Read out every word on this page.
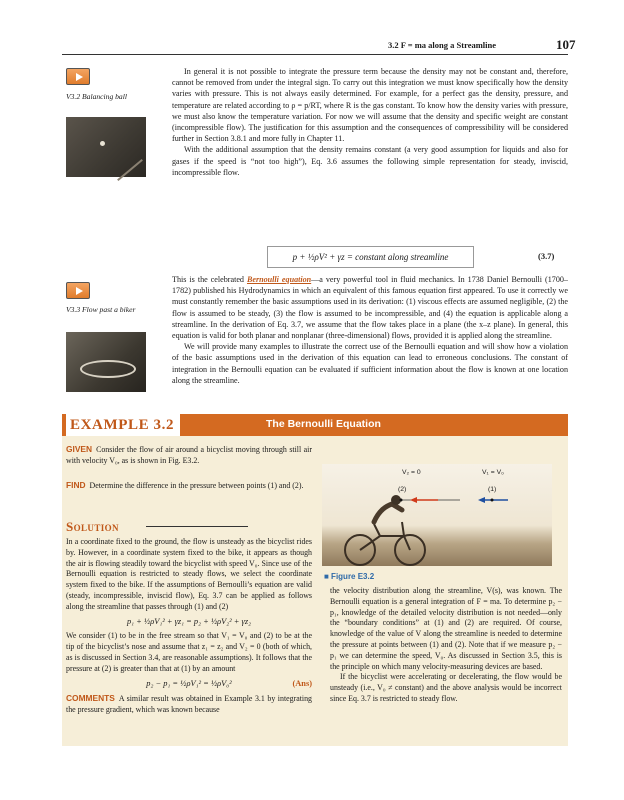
3.2 F = ma along a Streamline	107
V3.2 Balancing ball
V3.3 Flow past a biker

In general it is not possible to integrate the pressure term because the density may not be constant and, therefore, cannot be removed from under the integral sign. To carry out this integration we must know specifically how the density varies with pressure. This is not always easily determined. For example, for a perfect gas the density, pressure, and temperature are related according to ρ = p/RT, where R is the gas constant. To know how the density varies with pressure, we must also know the temperature variation. For now we will assume that the density and specific weight are constant (incompressible flow). The justification for this assumption and the consequences of compressibility will be considered further in Section 3.8.1 and more fully in Chapter 11.

With the additional assumption that the density remains constant (a very good assumption for liquids and also for gases if the speed is “not too high”), Eq. 3.6 assumes the following simple representation for steady, inviscid, incompressible flow.

p + ½ρV² + γz = constant along streamline	(3.7)

This is the celebrated Bernoulli equation—a very powerful tool in fluid mechanics. In 1738 Daniel Bernoulli (1700–1782) published his Hydrodynamics in which an equivalent of this famous equation first appeared. To use it correctly we must constantly remember the basic assumptions used in its derivation: (1) viscous effects are assumed negligible, (2) the flow is assumed to be steady, (3) the flow is assumed to be incompressible, and (4) the equation is applicable along a streamline. In the derivation of Eq. 3.7, we assume that the flow takes place in a plane (the x–z plane). In general, this equation is valid for both planar and nonplanar (three-dimensional) flows, provided it is applied along the streamline.

We will provide many examples to illustrate the correct use of the Bernoulli equation and will show how a violation of the basic assumptions used in the derivation of this equation can lead to erroneous conclusions. The constant of integration in the Bernoulli equation can be evaluated if sufficient information about the flow is known at one location along the streamline.

EXAMPLE 3.2	The Bernoulli Equation

GIVEN Consider the flow of air around a bicyclist moving through still air with velocity V₀, as is shown in Fig. E3.2.

FIND Determine the difference in the pressure between points (1) and (2).

Solution

In a coordinate fixed to the ground, the flow is unsteady as the bicyclist rides by. However, in a coordinate system fixed to the bike, it appears as though the air is flowing steadily toward the bicyclist with speed V₀. Since use of the Bernoulli equation is restricted to steady flows, we select the coordinate system fixed to the bike. If the assumptions of Bernoulli’s equation are valid (steady, incompressible, inviscid flow), Eq. 3.7 can be applied as follows along the streamline that passes through (1) and (2)

p₁ + ½ρV₁² + γz₁ = p₂ + ½ρV₂² + γz₂

We consider (1) to be in the free stream so that V₁ = V₀ and (2) to be at the tip of the bicyclist’s nose and assume that z₁ = z₂ and V₂ = 0 (both of which, as is discussed in Section 3.4, are reasonable assumptions). It follows that the pressure at (2) is greater than that at (1) by an amount

p₂ − p₁ = ½ρV₁² = ½ρV₀²	(Ans)

COMMENTS A similar result was obtained in Example 3.1 by integrating the pressure gradient, which was known because

V₂ = 0	V₁ = V₀
(2)	(1)
■ Figure E3.2

the velocity distribution along the streamline, V(s), was known. The Bernoulli equation is a general integration of F = ma. To determine p₂ − p₁, knowledge of the detailed velocity distribution is not needed—only the “boundary conditions” at (1) and (2) are required. Of course, knowledge of the value of V along the streamline is needed to determine the pressure at points between (1) and (2). Note that if we measure p₂ − p₁ we can determine the speed, V₀. As discussed in Section 3.5, this is the principle on which many velocity-measuring devices are based.

If the bicyclist were accelerating or decelerating, the flow would be unsteady (i.e., V₀ ≠ constant) and the above analysis would be incorrect since Eq. 3.7 is restricted to steady flow.
